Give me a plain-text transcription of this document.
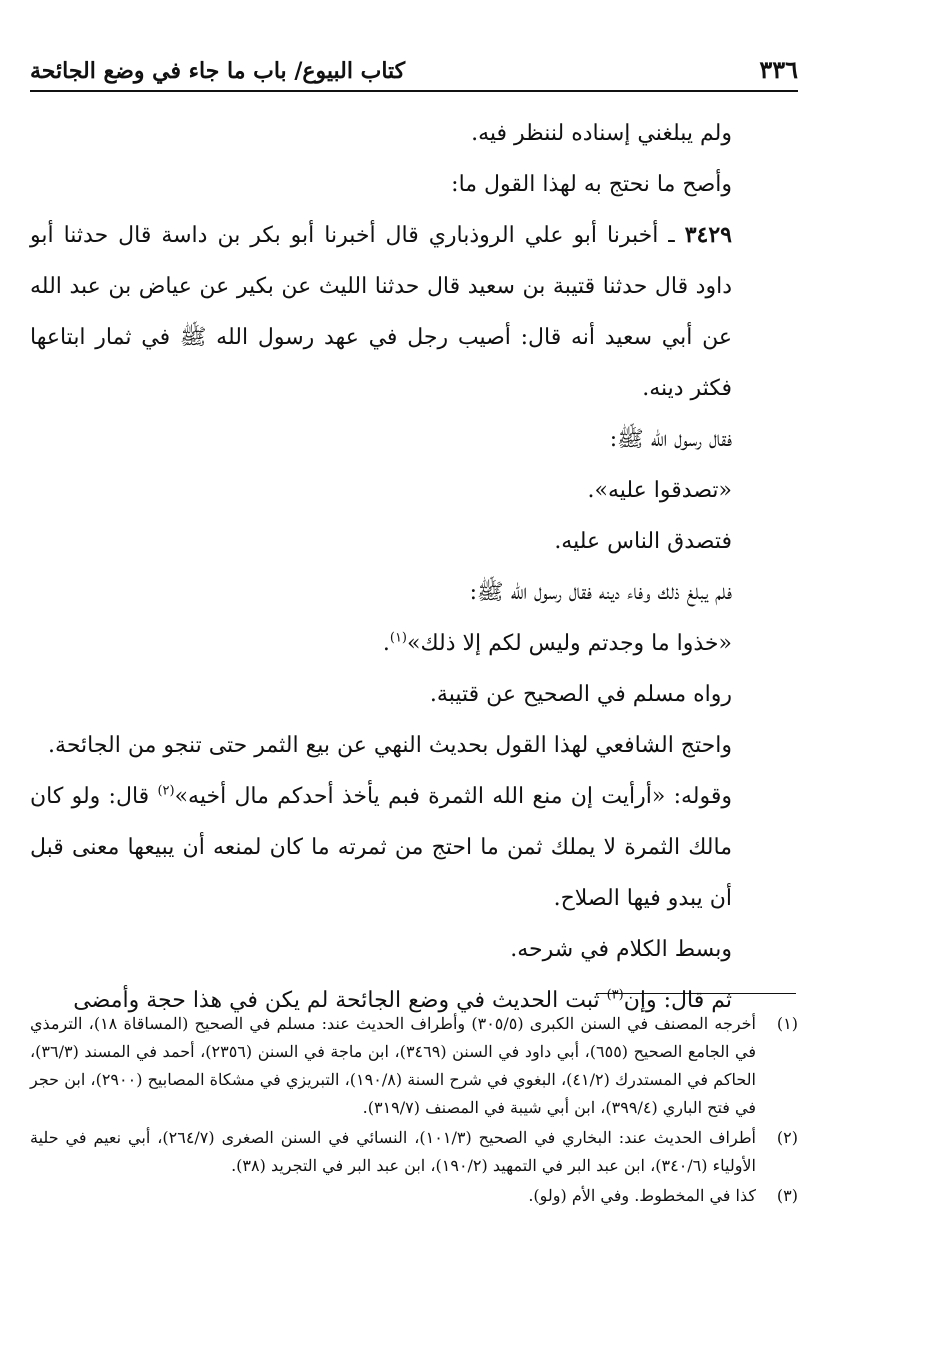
٣٣٦
كتاب البيوع/ باب ما جاء في وضع الجائحة

ولم يبلغني إسناده لننظر فيه.

وأصح ما نحتج به لهذا القول ما:

٣٤٢٩ ـ أخبرنا أبو علي الروذباري قال أخبرنا أبو بكر بن داسة قال حدثنا أبو داود قال حدثنا قتيبة بن سعيد قال حدثنا الليث عن بكير عن عياض بن عبد الله عن أبي سعيد أنه قال: أصيب رجل في عهد رسول الله ﷺ في ثمار ابتاعها فكثر دينه.

فقال رسول الله ﷺ:

«تصدقوا عليه».

فتصدق الناس عليه.

فلم يبلغ ذلك وفاء دينه فقال رسول الله ﷺ:

«خذوا ما وجدتم وليس لكم إلا ذلك»$^{(١)}$.

رواه مسلم في الصحيح عن قتيبة.

واحتج الشافعي لهذا القول بحديث النهي عن بيع الثمر حتى تنجو من الجائحة.

وقوله: «أرأيت إن منع الله الثمرة فبم يأخذ أحدكم مال أخيه»$^{(٢)}$ قال: ولو كان مالك الثمرة لا يملك ثمن ما احتج من ثمرته ما كان لمنعه أن يبيعها معنى قبل أن يبدو فيها الصلاح.

وبسط الكلام في شرحه.

ثم قال: وإن$^{(٣)}$ ثبت الحديث في وضع الجائحة لم يكن في هذا حجة وأمضى

(١)
أخرجه المصنف في السنن الكبرى (٣٠٥/٥) وأطراف الحديث عند: مسلم في الصحيح (المساقاة ١٨)، الترمذي في الجامع الصحيح (٦٥٥)، أبي داود في السنن (٣٤٦٩)، ابن ماجة في السنن (٢٣٥٦)، أحمد في المسند (٣٦/٣)، الحاكم في المستدرك (٤١/٢)، البغوي في شرح السنة (١٩٠/٨)، التبريزي في مشكاة المصابيح (٢٩٠٠)، ابن حجر في فتح الباري (٣٩٩/٤)، ابن أبي شيبة في المصنف (٣١٩/٧).
(٢)
أطراف الحديث عند: البخاري في الصحيح (١٠١/٣)، النسائي في السنن الصغرى (٢٦٤/٧)، أبي نعيم في حلية الأولياء (٣٤٠/٦)، ابن عبد البر في التمهيد (١٩٠/٢)، ابن عبد البر في التجريد (٣٨).
(٣)
كذا في المخطوط. وفي الأم (ولو).
